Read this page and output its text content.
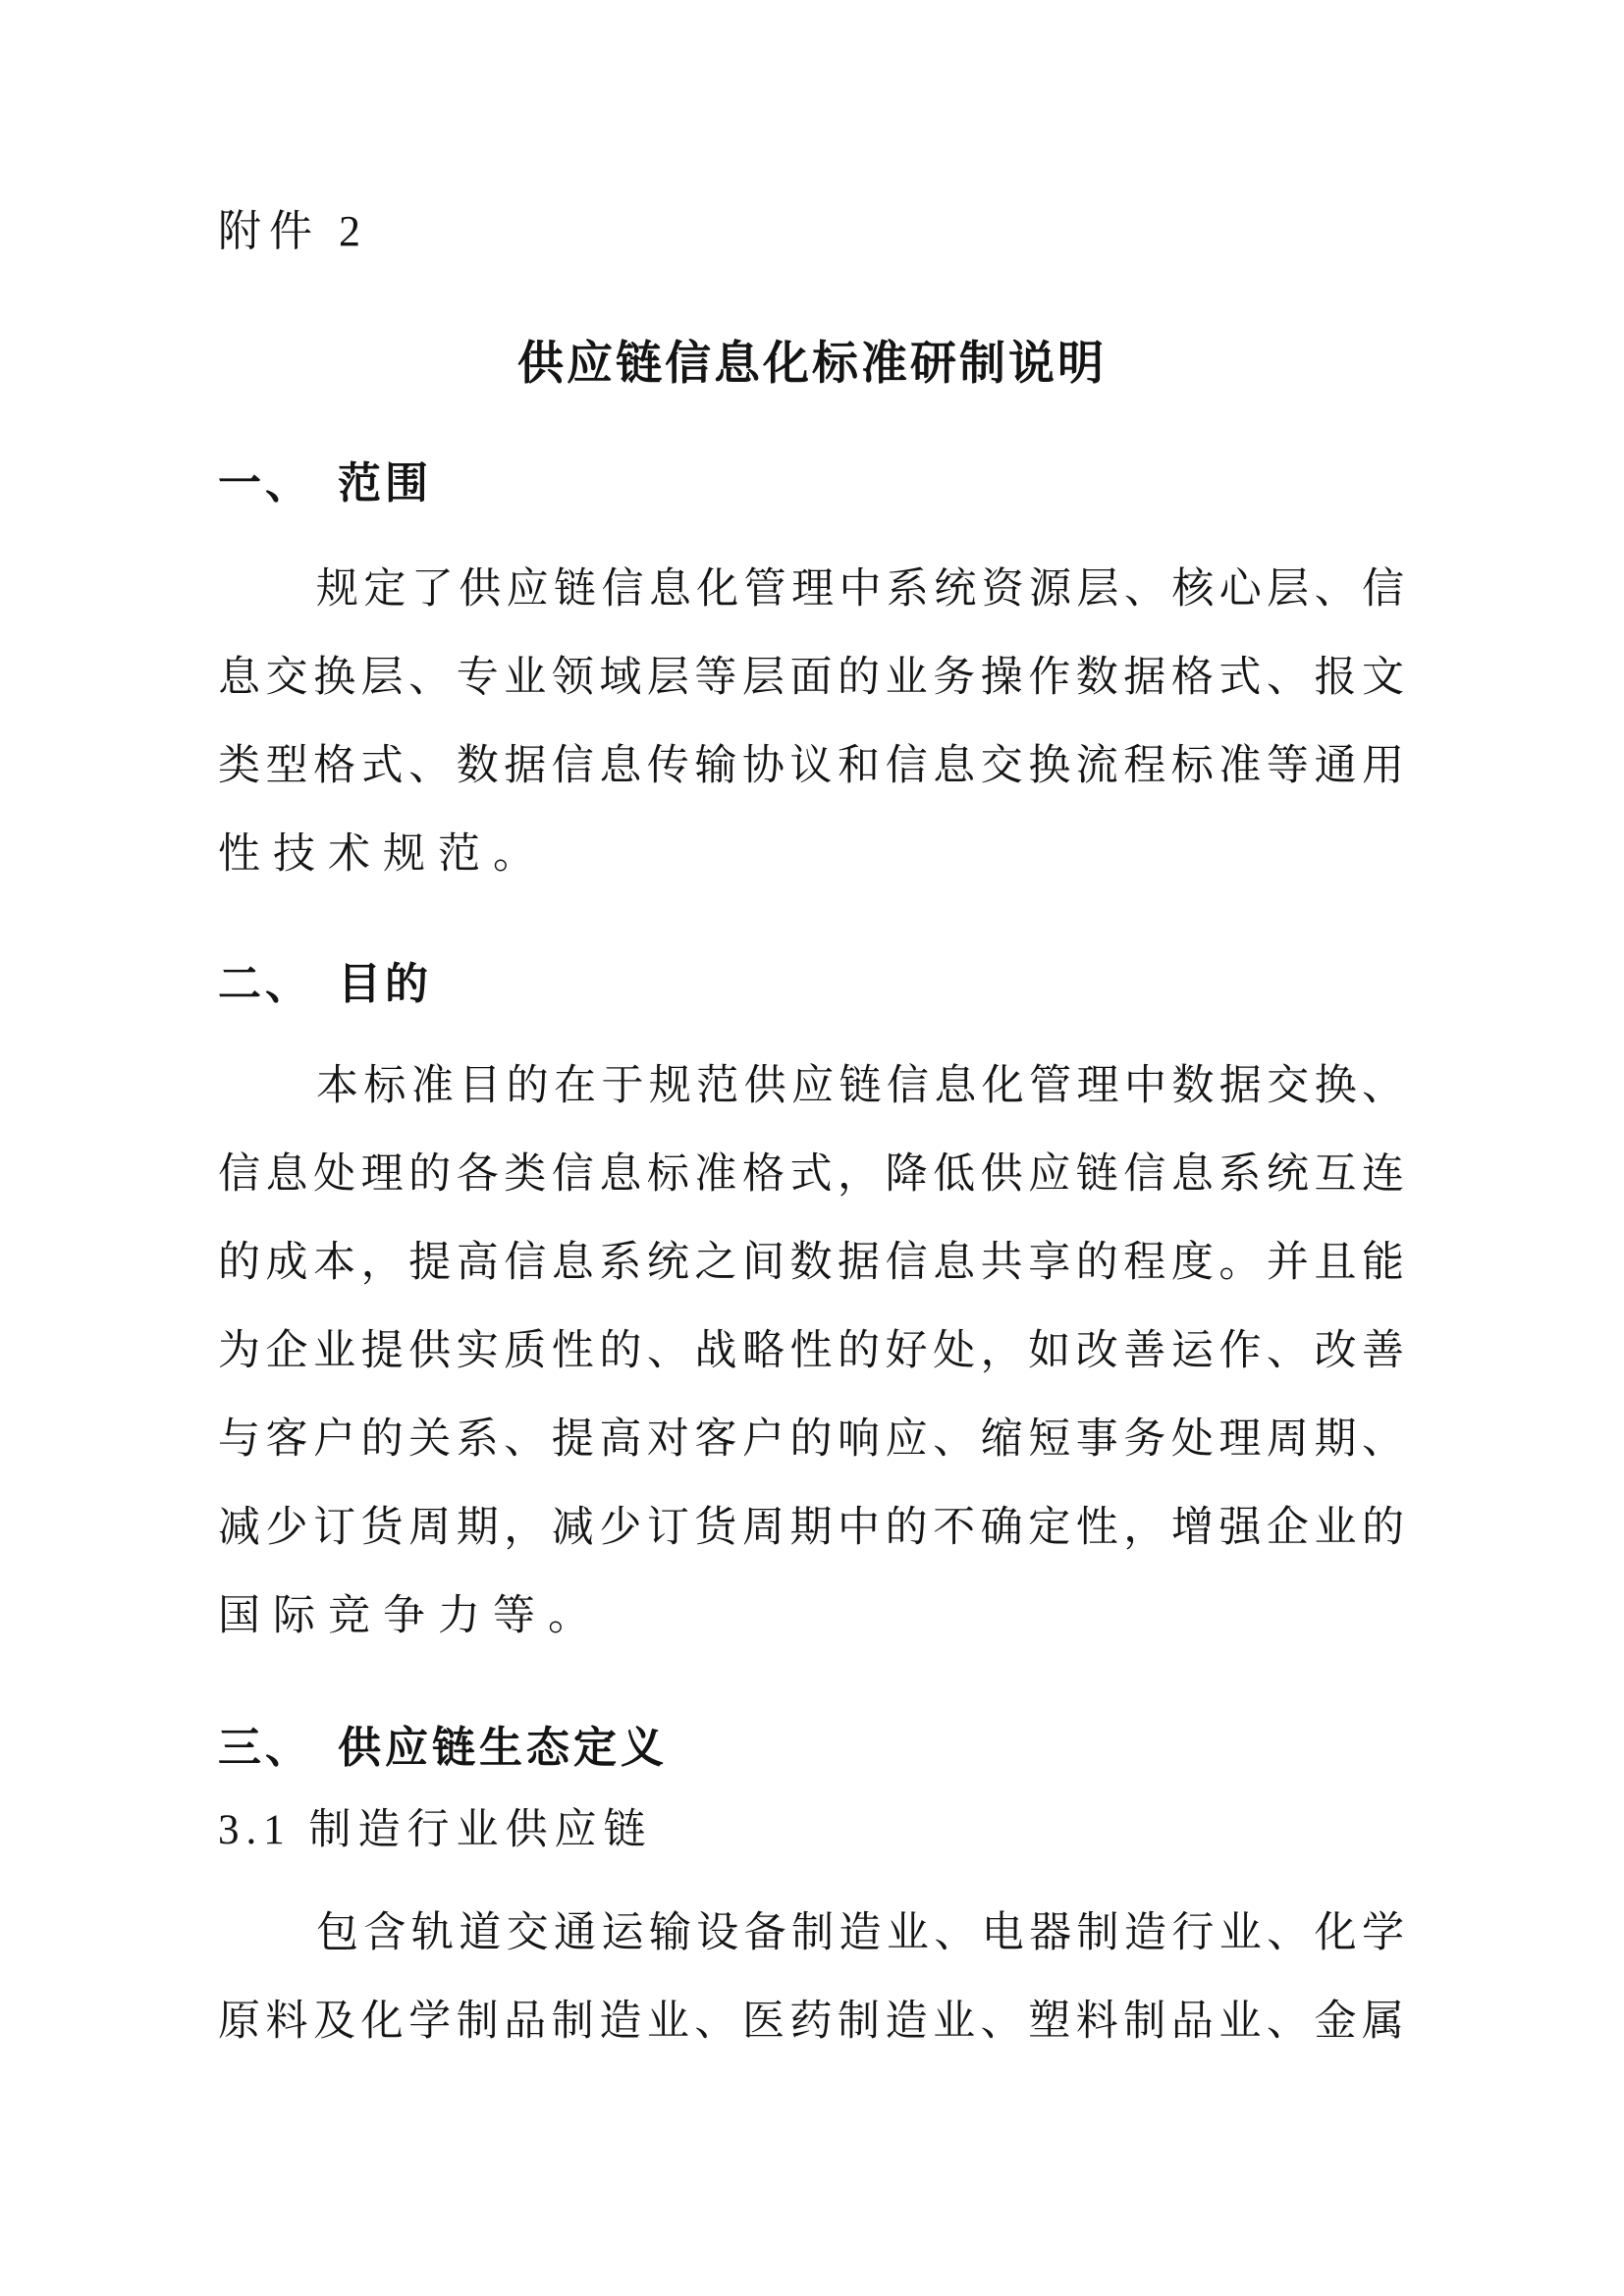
附件 2
供应链信息化标准研制说明
一、　范围
规定了供应链信息化管理中系统资源层、核心层、信
息交换层、专业领域层等层面的业务操作数据格式、报文
类型格式、数据信息传输协议和信息交换流程标准等通用
性技术规范。
二、　目的
本标准目的在于规范供应链信息化管理中数据交换、
信息处理的各类信息标准格式，降低供应链信息系统互连
的成本，提高信息系统之间数据信息共享的程度。并且能
为企业提供实质性的、战略性的好处，如改善运作、改善
与客户的关系、提高对客户的响应、缩短事务处理周期、
减少订货周期，减少订货周期中的不确定性，增强企业的
国际竞争力等。
三、　供应链生态定义
3.1 制造行业供应链
包含轨道交通运输设备制造业、电器制造行业、化学
原料及化学制品制造业、医药制造业、塑料制品业、金属
